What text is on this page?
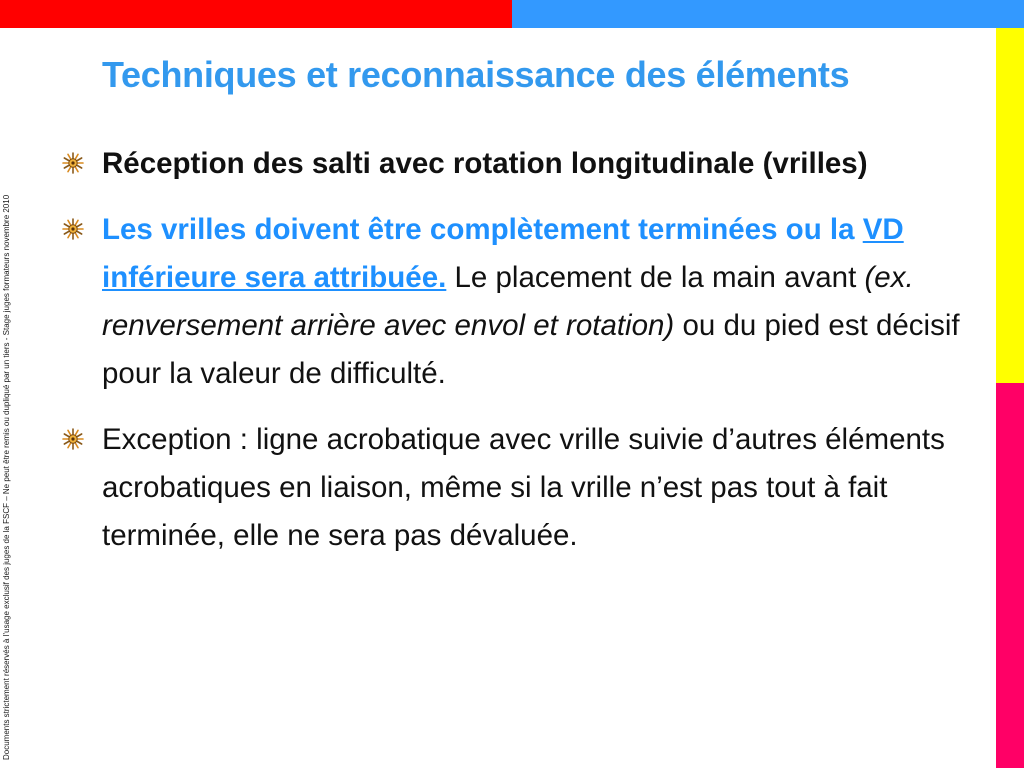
Documents strictement réservés à l’usage exclusif des juges de la FSCF – Ne peut être remis ou dupliqué par un tiers - Stage juges formateurs novembre 2010
Techniques et reconnaissance des éléments
Réception des salti avec rotation longitudinale (vrilles)
Les vrilles doivent être complètement terminées ou la VD inférieure sera attribuée. Le placement de la main avant (ex. renversement arrière avec envol et rotation) ou du pied est décisif pour la valeur de difficulté.
Exception : ligne acrobatique avec vrille suivie d’autres éléments acrobatiques en liaison, même si la vrille n’est pas tout à fait terminée, elle ne sera pas dévaluée.
